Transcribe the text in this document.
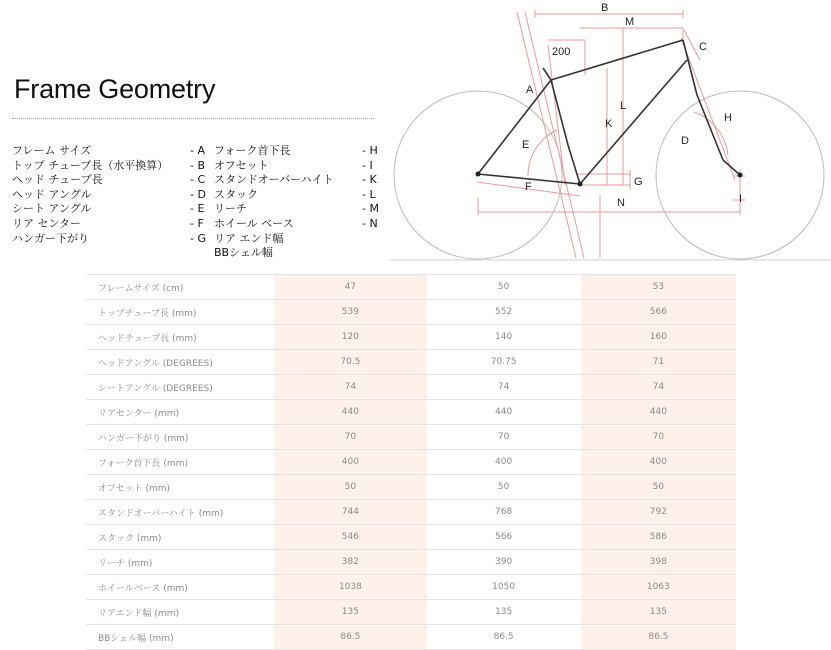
Frame Geometry
フレーム サイズ	- A
トップ チューブ長（水平換算） - B
ヘッド チューブ長	- C
ヘッド アングル	- D
シート アングル	- E
リア センター	- F
ハンガー下がり	- G
フォーク首下長	- H
オフセット	- I
スタンドオーバーハイト	- K
スタック	- L
リーチ	- M
ホイール ベース	- N
リア エンド幅
BBシェル幅
B
M
200	C
A
L
K	H
D
E
G
F
N	I
フレームサイズ (cm)	47	50	53
トップチューブ長 (mm)	539	552	566
ヘッドチューブ長 (mm)	120	140	160
ヘッドアングル (DEGREES)	70.5	70.75	71
シートアングル (DEGREES)	74	74	74
リアセンター (mm)	440	440	440
ハンガー下がり (mm)	70	70	70
フォーク首下長 (mm)	400	400	400
オフセット (mm)	50	50	50
スタンドオーバーハイト (mm)	744	768	792
スタック (mm)	546	566	586
リーチ (mm)	382	390	398
ホイールベース (mm)	1038	1050	1063
リアエンド幅 (mm)	135	135	135
BBシェル幅 (mm)	86.5	86.5	86.5
